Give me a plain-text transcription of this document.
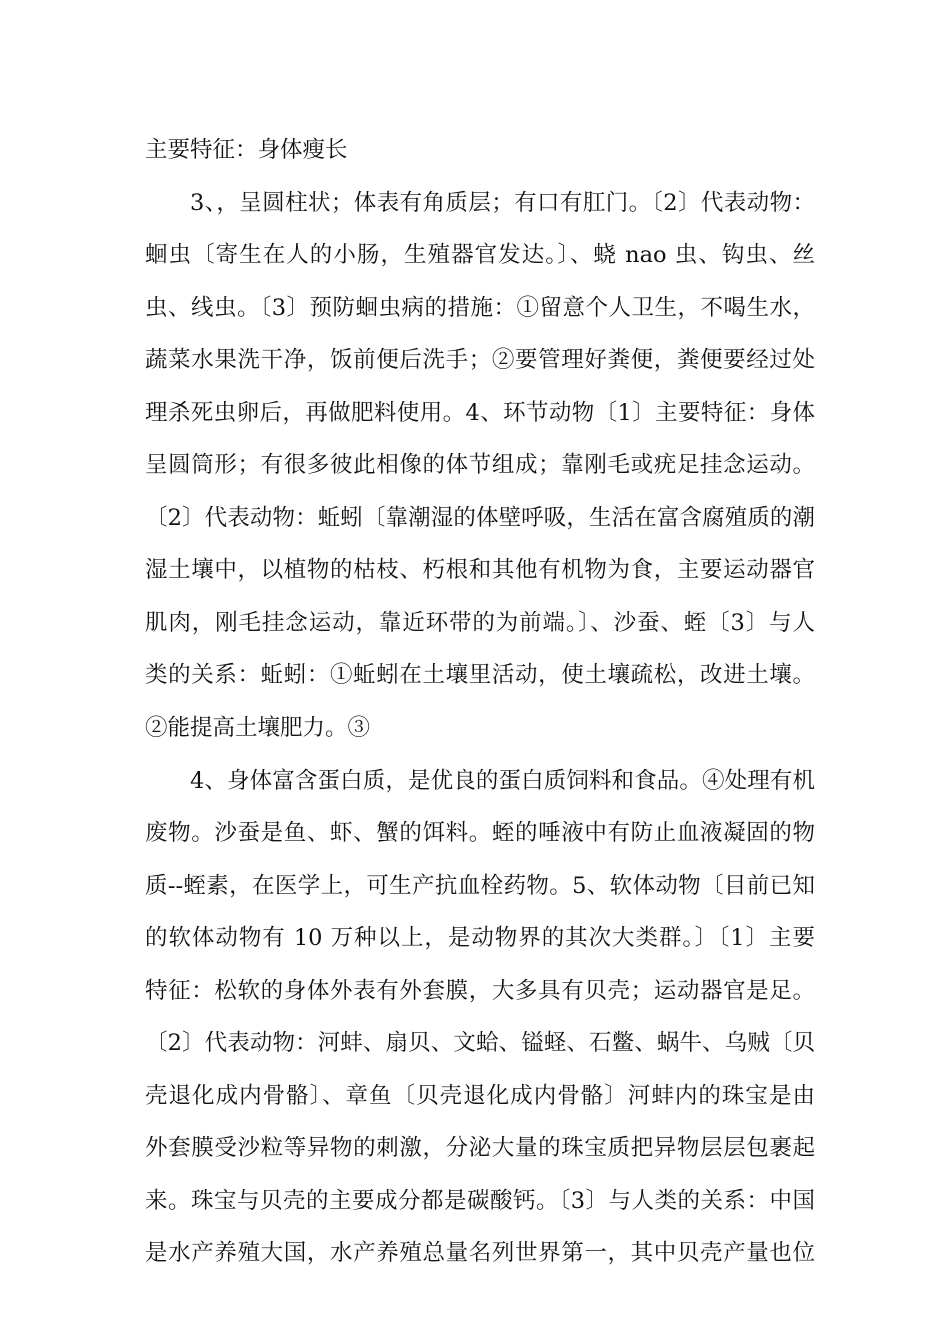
主要特征：身体瘦长
3、，呈圆柱状；体表有角质层；有口有肛门。〔2〕代表动物：
蛔虫〔寄生在人的小肠，生殖器官发达。〕、蛲 nao 虫、钩虫、丝
虫、线虫。〔3〕预防蛔虫病的措施：①留意个人卫生，不喝生水，
蔬菜水果洗干净，饭前便后洗手；②要管理好粪便，粪便要经过处
理杀死虫卵后，再做肥料使用。4、环节动物〔1〕主要特征：身体
呈圆筒形；有很多彼此相像的体节组成；靠刚毛或疣足挂念运动。
〔2〕代表动物：蚯蚓〔靠潮湿的体壁呼吸，生活在富含腐殖质的潮
湿土壤中，以植物的枯枝、朽根和其他有机物为食，主要运动器官
肌肉，刚毛挂念运动，靠近环带的为前端。〕、沙蚕、蛭〔3〕与人
类的关系：蚯蚓：①蚯蚓在土壤里活动，使土壤疏松，改进土壤。
②能提高土壤肥力。③
4、身体富含蛋白质，是优良的蛋白质饲料和食品。④处理有机
废物。沙蚕是鱼、虾、蟹的饵料。蛭的唾液中有防止血液凝固的物
质--蛭素，在医学上，可生产抗血栓药物。5、软体动物〔目前已知
的软体动物有 10 万种以上，是动物界的其次大类群。〕〔1〕主要
特征：松软的身体外表有外套膜，大多具有贝壳；运动器官是足。
〔2〕代表动物：河蚌、扇贝、文蛤、镒蛏、石鳖、蜗牛、乌贼〔贝
壳退化成内骨骼〕、章鱼〔贝壳退化成内骨骼〕河蚌内的珠宝是由
外套膜受沙粒等异物的刺激，分泌大量的珠宝质把异物层层包裹起
来。珠宝与贝壳的主要成分都是碳酸钙。〔3〕与人类的关系：中国
是水产养殖大国，水产养殖总量名列世界第一，其中贝壳产量也位
